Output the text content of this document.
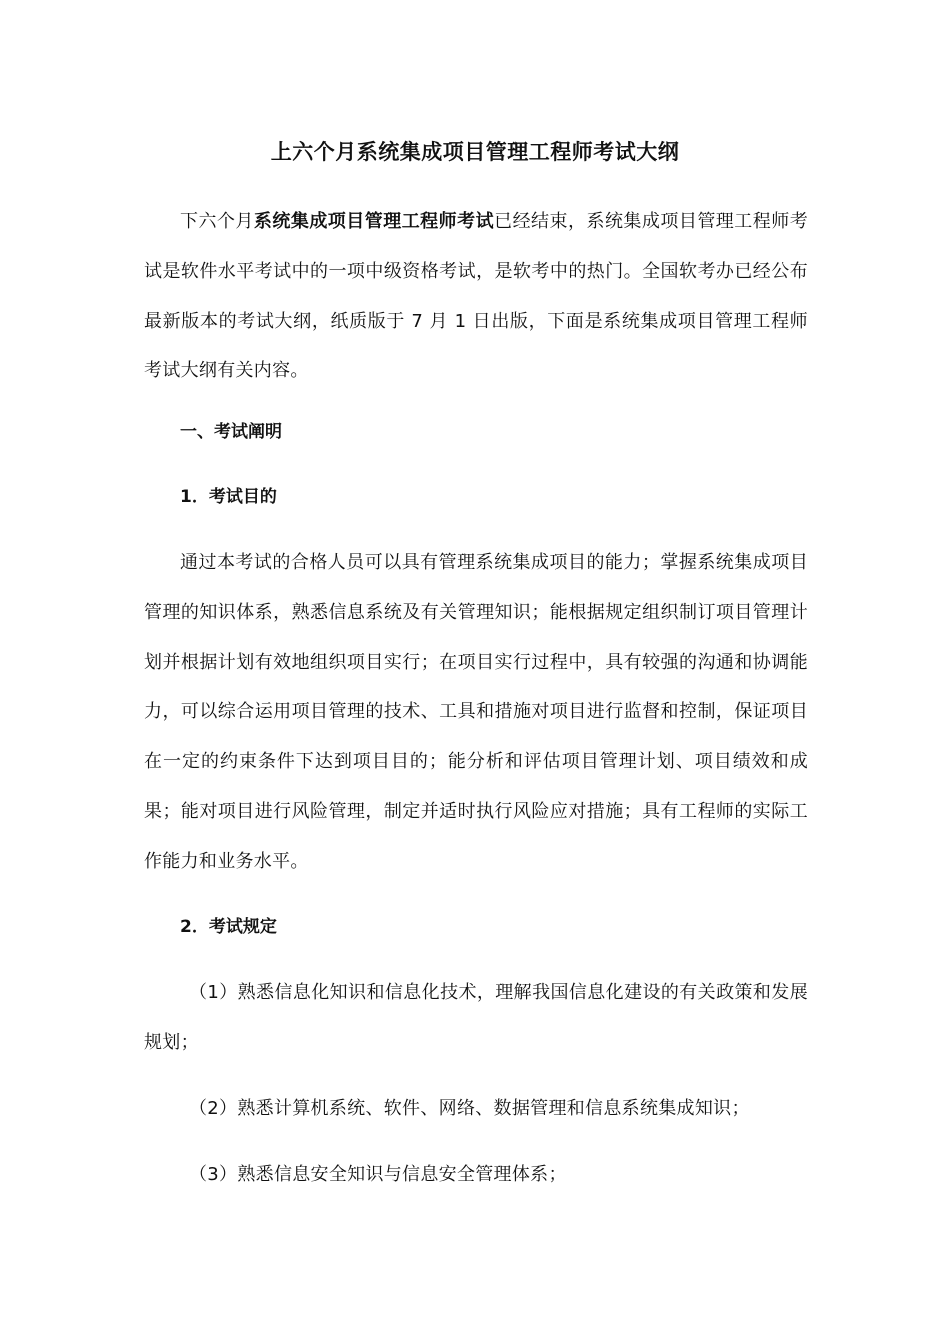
上六个月系统集成项目管理工程师考试大纲

下六个月系统集成项目管理工程师考试已经结束，系统集成项目管理工程师考试是软件水平考试中的一项中级资格考试，是软考中的热门。全国软考办已经公布最新版本的考试大纲，纸质版于 7 月 1 日出版，下面是系统集成项目管理工程师考试大纲有关内容。

一、考试阐明

1．考试目的

通过本考试的合格人员可以具有管理系统集成项目的能力；掌握系统集成项目管理的知识体系，熟悉信息系统及有关管理知识；能根据规定组织制订项目管理计划并根据计划有效地组织项目实行；在项目实行过程中，具有较强的沟通和协调能力，可以综合运用项目管理的技术、工具和措施对项目进行监督和控制，保证项目在一定的约束条件下达到项目目的；能分析和评估项目管理计划、项目绩效和成果；能对项目进行风险管理，制定并适时执行风险应对措施；具有工程师的实际工作能力和业务水平。

2．考试规定

（1）熟悉信息化知识和信息化技术，理解我国信息化建设的有关政策和发展规划；

（2）熟悉计算机系统、软件、网络、数据管理和信息系统集成知识；

（3）熟悉信息安全知识与信息安全管理体系；
